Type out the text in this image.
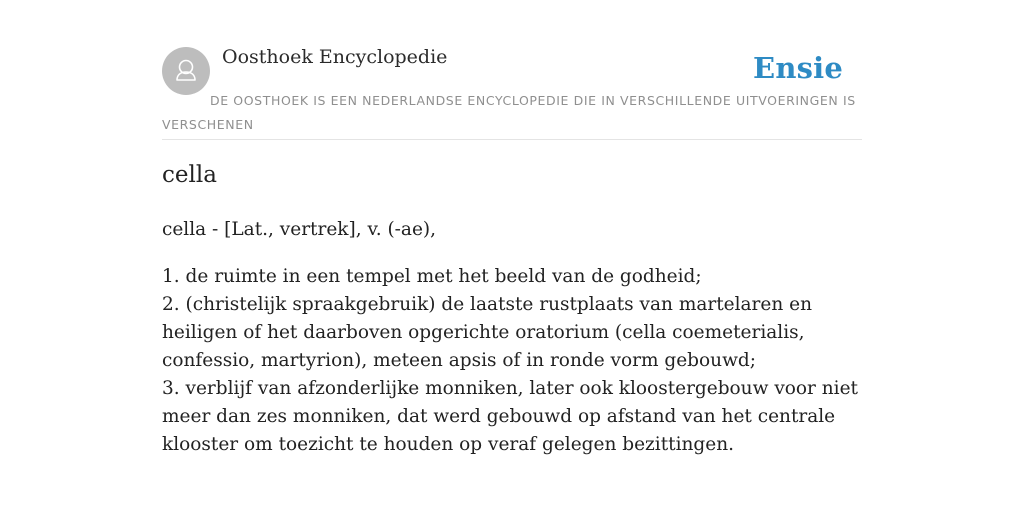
Oosthoek Encyclopedie	Ensie

DE OOSTHOEK IS EEN NEDERLANDSE ENCYCLOPEDIE DIE IN VERSCHILLENDE UITVOERINGEN IS VERSCHENEN

cella

cella - [Lat., vertrek], v. (-ae),

1. de ruimte in een tempel met het beeld van de godheid;
2. (christelijk spraakgebruik) de laatste rustplaats van martelaren en heiligen of het daarboven opgerichte oratorium (cella coemeterialis, confessio, martyrion), meteen apsis of in ronde vorm gebouwd;
3. verblijf van afzonderlijke monniken, later ook kloostergebouw voor niet meer dan zes monniken, dat werd gebouwd op afstand van het centrale klooster om toezicht te houden op veraf gelegen bezittingen.
